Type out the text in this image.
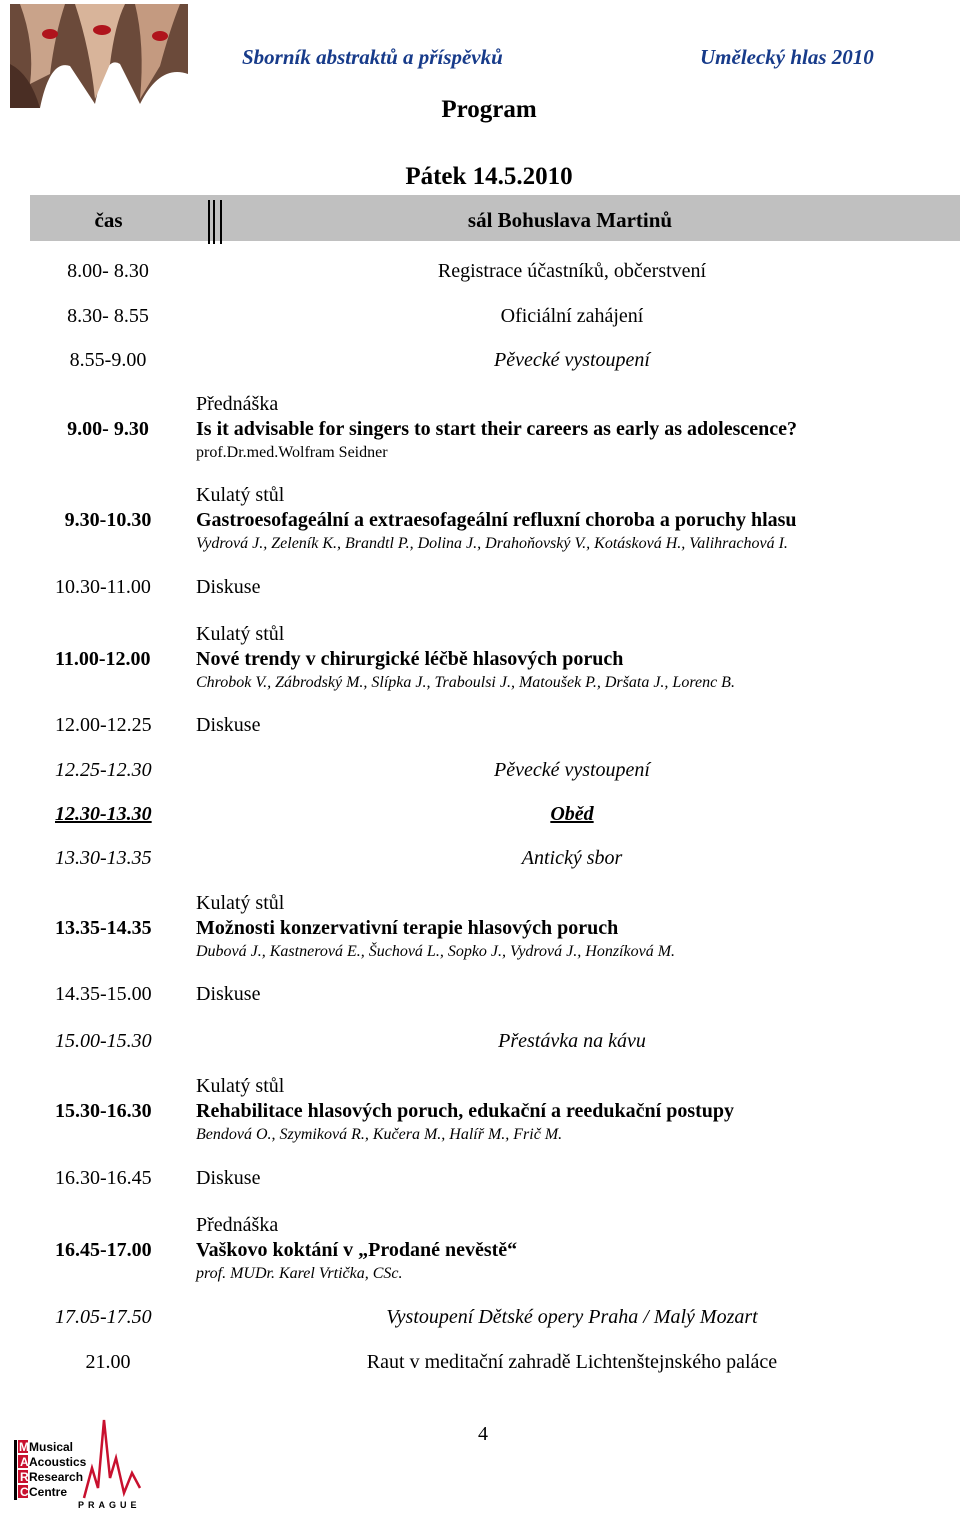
Sborník abstraktů a příspěvků	Umělecký hlas 2010
Program
Pátek 14.5.2010
čas	sál Bohuslava Martinů
8.00- 8.30	Registrace účastníků, občerstvení
8.30- 8.55	Oficiální zahájení
8.55-9.00	Pěvecké vystoupení
Přednáška
9.00- 9.30	Is it advisable for singers to start their careers as early as adolescence?
prof.Dr.med.Wolfram Seidner
Kulatý stůl
9.30-10.30	Gastroesofageální a extraesofageální refluxní choroba a poruchy hlasu
Vydrová J., Zeleník K., Brandtl P., Dolina J., Drahoňovský V., Kotásková H., Valihrachová I.
10.30-11.00	Diskuse
Kulatý stůl
11.00-12.00	Nové trendy v chirurgické léčbě hlasových poruch
Chrobok V., Zábrodský M., Slípka J., Traboulsi J., Matoušek P., Dršata J., Lorenc B.
12.00-12.25	Diskuse
12.25-12.30	Pěvecké vystoupení
12.30-13.30	Oběd
13.30-13.35	Antický sbor
Kulatý stůl
13.35-14.35	Možnosti konzervativní terapie hlasových poruch
Dubová J., Kastnerová E., Šuchová L., Sopko J., Vydrová J., Honzíková M.
14.35-15.00	Diskuse
15.00-15.30	Přestávka na kávu
Kulatý stůl
15.30-16.30	Rehabilitace hlasových poruch, edukační a reedukační postupy
Bendová O., Szymiková R., Kučera M., Halíř M., Frič M.
16.30-16.45	Diskuse
Přednáška
16.45-17.00	Vaškovo koktání v „Prodané nevěstě“
prof. MUDr. Karel Vrtička, CSc.
17.05-17.50	Vystoupení Dětské opery Praha / Malý Mozart
21.00	Raut v meditační zahradě Lichtenštejnského paláce
4
M Musical
A Acoustics
R Research
C Centre
PRAGUE
